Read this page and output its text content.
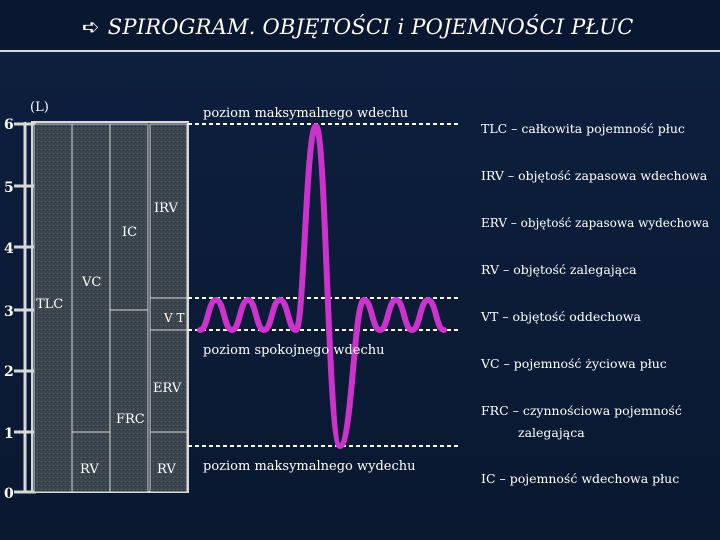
➪ SPIROGRAM. OBJĘTOŚCI i POJEMNOŚCI PŁUC
(L)
6
5
4
3
2
1
0
TLC
VC
IC
IRV
V T
ERV
FRC
RV	RV
poziom maksymalnego wdechu
poziom spokojnego wdechu
poziom maksymalnego wydechu
TLC – całkowita pojemność płuc
IRV – objętość zapasowa wdechowa
ERV – objętość zapasowa wydechowa
RV – objętość zalegająca
VT – objętość oddechowa
VC – pojemność życiowa płuc
FRC – czynnościowa pojemność
zalegająca
IC – pojemność wdechowa płuc
